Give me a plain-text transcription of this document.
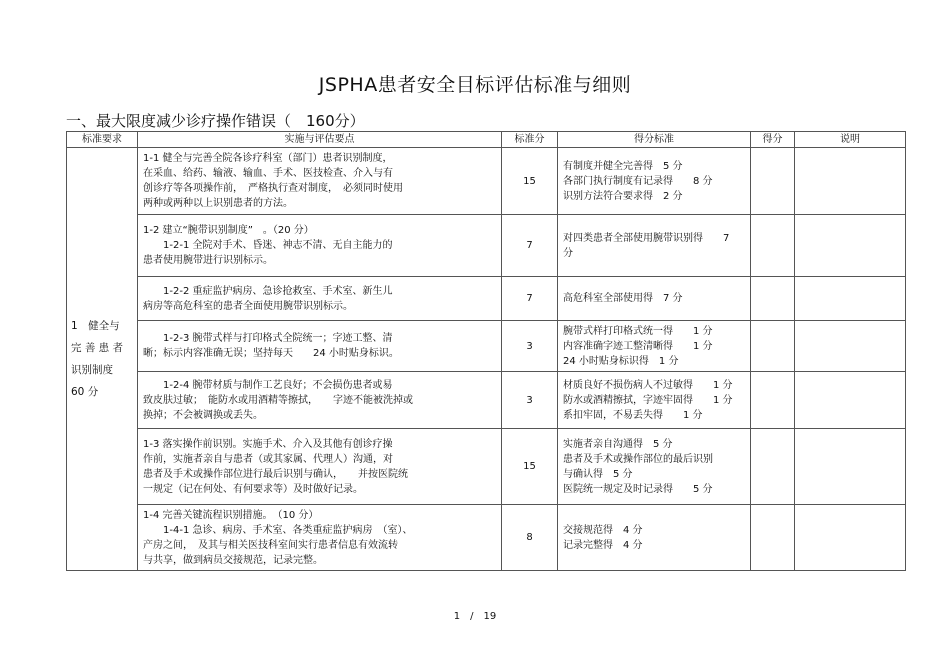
JSPHA患者安全目标评估标准与细则
一、最大限度减少诊疗操作错误（　160分）
标准要求	实施与评估要点	标准分	得分标准	得分	说明
1　健全与
完 善 患 者
识别制度
60 分	1-1 健全与完善全院各诊疗科室（部门）患者识别制度，
在采血、给药、输液、输血、手术、医技检查、介入与有
创诊疗等各项操作前，　严格执行查对制度，　必须同时使用
两种或两种以上识别患者的方法。	15	有制度并健全完善得　5 分
各部门执行制度有记录得　　8 分
识别方法符合要求得　2 分		
	1-2 建立“腕带识别制度”　。（20 分）
　　1-2-1 全院对手术、昏迷、神志不清、无自主能力的
患者使用腕带进行识别标示。	7	对四类患者全部使用腕带识别得　　7
分		
	　　1-2-2 重症监护病房、急诊抢救室、手术室、新生儿
病房等高危科室的患者全面使用腕带识别标示。	7	高危科室全部使用得　7 分		
	　　1-2-3 腕带式样与打印格式全院统一；字迹工整、清
晰；标示内容准确无误；坚持每天　　24 小时贴身标识。	3	腕带式样打印格式统一得　　1 分
内容准确字迹工整清晰得　　1 分
24 小时贴身标识得　1 分		
	　　1-2-4 腕带材质与制作工艺良好；不会损伤患者或易
致皮肤过敏；　能防水或用酒精等擦拭，　　字迹不能被洗掉或
换掉；不会被调换或丢失。	3	材质良好不损伤病人不过敏得　　1 分
防水或酒精擦拭，字迹牢固得　　1 分
系扣牢固，不易丢失得　　1 分		
	1-3 落实操作前识别。实施手术、介入及其他有创诊疗操
作前，实施者亲自与患者（或其家属、代理人）沟通，对
患者及手术或操作部位进行最后识别与确认，　　并按医院统
一规定（记在何处、有何要求等）及时做好记录。	15	实施者亲自沟通得　5 分
患者及手术或操作部位的最后识别
与确认得　5 分
医院统一规定及时记录得　　5 分		
	1-4 完善关键流程识别措施。　（10 分）
　　1-4-1 急诊、病房、手术室、各类重症监护病房　（室）、
产房之间，　及其与相关医技科室间实行患者信息有效流转
与共享，做到病员交接规范，记录完整。	8	交接规范得　4 分
记录完整得　4 分		
1　/　19
